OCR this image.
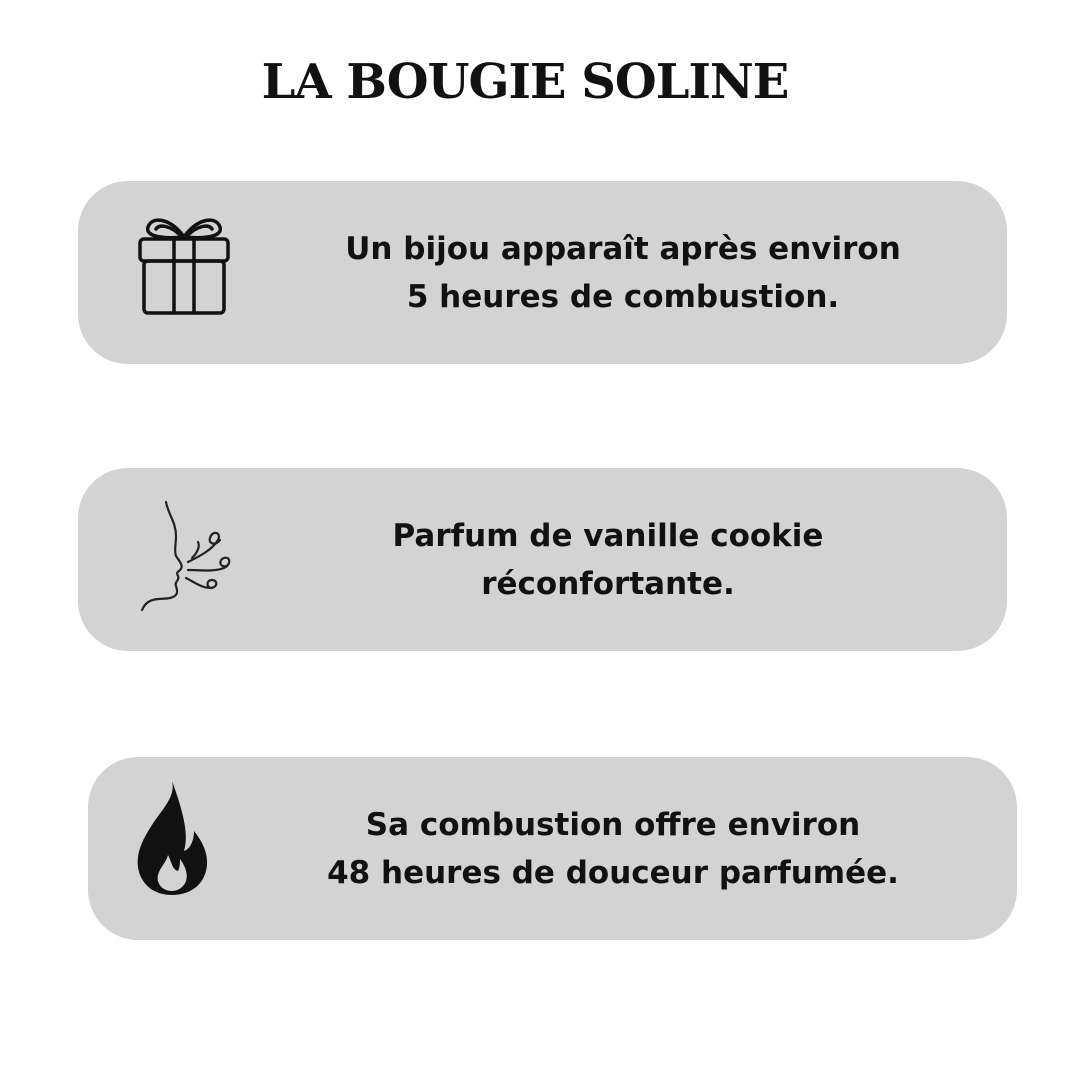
LA BOUGIE SOLINE
Un bijou apparaît après environ
5 heures de combustion.
Parfum de vanille cookie
réconfortante.
Sa combustion offre environ
48 heures de douceur parfumée.
